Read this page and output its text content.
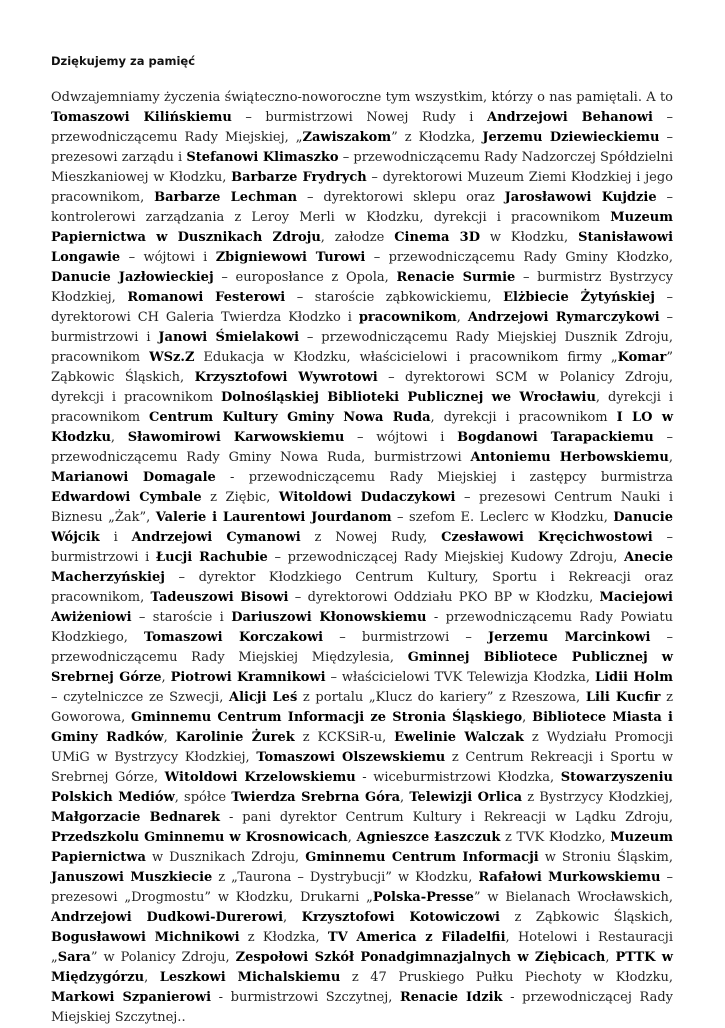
Dziękujemy za pamięć

Odwzajemniamy życzenia świąteczno-noworoczne tym wszystkim, którzy o nas pamiętali. A to Tomaszowi Kilińskiemu – burmistrzowi Nowej Rudy i Andrzejowi Behanowi – przewodniczącemu Rady Miejskiej, „Zawiszakom” z Kłodzka, Jerzemu Dziewieckiemu – prezesowi zarządu i Stefanowi Klimaszko – przewodniczącemu Rady Nadzorczej Spółdzielni Mieszkaniowej w Kłodzku, Barbarze Frydrych – dyrektorowi Muzeum Ziemi Kłodzkiej i jego pracownikom, Barbarze Lechman – dyrektorowi sklepu oraz Jarosławowi Kujdzie – kontrolerowi zarządzania z Leroy Merli w Kłodzku, dyrekcji i pracownikom Muzeum Papiernictwa w Dusznikach Zdroju, załodze Cinema 3D w Kłodzku, Stanisławowi Longawie – wójtowi i Zbigniewowi Turowi – przewodniczącemu Rady Gminy Kłodzko, Danucie Jazłowieckiej – europosłance z Opola, Renacie Surmie – burmistrz Bystrzycy Kłodzkiej, Romanowi Festerowi – staroście ząbkowickiemu, Elżbiecie Żytyńskiej – dyrektorowi CH Galeria Twierdza Kłodzko i pracownikom, Andrzejowi Rymarczykowi – burmistrzowi i Janowi Śmielakowi – przewodniczącemu Rady Miejskiej Dusznik Zdroju, pracownikom WSz.Z Edukacja w Kłodzku, właścicielowi i pracownikom firmy „Komar” Ząbkowic Śląskich, Krzysztofowi Wywrotowi – dyrektorowi SCM w Polanicy Zdroju, dyrekcji i pracownikom Dolnośląskiej Biblioteki Publicznej we Wrocławiu, dyrekcji i pracownikom Centrum Kultury Gminy Nowa Ruda, dyrekcji i pracownikom I LO w Kłodzku, Sławomirowi Karwowskiemu – wójtowi i Bogdanowi Tarapackiemu – przewodniczącemu Rady Gminy Nowa Ruda, burmistrzowi Antoniemu Herbowskiemu, Marianowi Domagale - przewodniczącemu Rady Miejskiej i zastępcy burmistrza Edwardowi Cymbale z Ziębic, Witoldowi Dudaczykowi – prezesowi Centrum Nauki i Biznesu „Żak”, Valerie i Laurentowi Jourdanom – szefom E. Leclerc w Kłodzku, Danucie Wójcik i Andrzejowi Cymanowi z Nowej Rudy, Czesławowi Kręcichwostowi – burmistrzowi i Łucji Rachubie – przewodniczącej Rady Miejskiej Kudowy Zdroju, Anecie Macherzyńskiej – dyrektor Kłodzkiego Centrum Kultury, Sportu i Rekreacji oraz pracownikom, Tadeuszowi Bisowi – dyrektorowi Oddziału PKO BP w Kłodzku, Maciejowi Awiżeniowi – staroście i Dariuszowi Kłonowskiemu - przewodniczącemu Rady Powiatu Kłodzkiego, Tomaszowi Korczakowi – burmistrzowi – Jerzemu Marcinkowi – przewodniczącemu Rady Miejskiej Międzylesia, Gminnej Bibliotece Publicznej w Srebrnej Górze, Piotrowi Kramnikowi – właścicielowi TVK Telewizja Kłodzka, Lidii Holm – czytelniczce ze Szwecji, Alicji Leś z portalu „Klucz do kariery” z Rzeszowa, Lili Kucfir z Goworowa, Gminnemu Centrum Informacji ze Stronia Śląskiego, Bibliotece Miasta i Gminy Radków, Karolinie Żurek z KCKSiR-u, Ewelinie Walczak z Wydziału Promocji UMiG w Bystrzycy Kłodzkiej, Tomaszowi Olszewskiemu z Centrum Rekreacji i Sportu w Srebrnej Górze, Witoldowi Krzelowskiemu - wiceburmistrzowi Kłodzka, Stowarzyszeniu Polskich Mediów, spółce Twierdza Srebrna Góra, Telewizji Orlica z Bystrzycy Kłodzkiej, Małgorzacie Bednarek - pani dyrektor Centrum Kultury i Rekreacji w Lądku Zdroju, Przedszkolu Gminnemu w Krosnowicach, Agnieszce Łaszczuk z TVK Kłodzko, Muzeum Papiernictwa w Dusznikach Zdroju, Gminnemu Centrum Informacji w Stroniu Śląskim, Januszowi Muszkiecie z „Taurona – Dystrybucji” w Kłodzku, Rafałowi Murkowskiemu – prezesowi „Drogmostu” w Kłodzku, Drukarni „Polska-Presse” w Bielanach Wrocławskich, Andrzejowi Dudkowi-Durerowi, Krzysztofowi Kotowiczowi z Ząbkowic Śląskich, Bogusławowi Michnikowi z Kłodzka, TV America z Filadelfii, Hotelowi i Restauracji „Sara” w Polanicy Zdroju, Zespołowi Szkół Ponadgimnazjalnych w Ziębicach, PTTK w Międzygórzu, Leszkowi Michalskiemu z 47 Pruskiego Pułku Piechoty w Kłodzku, Markowi Szpanierowi - burmistrzowi Szczytnej, Renacie Idzik - przewodniczącej Rady Miejskiej Szczytnej..
